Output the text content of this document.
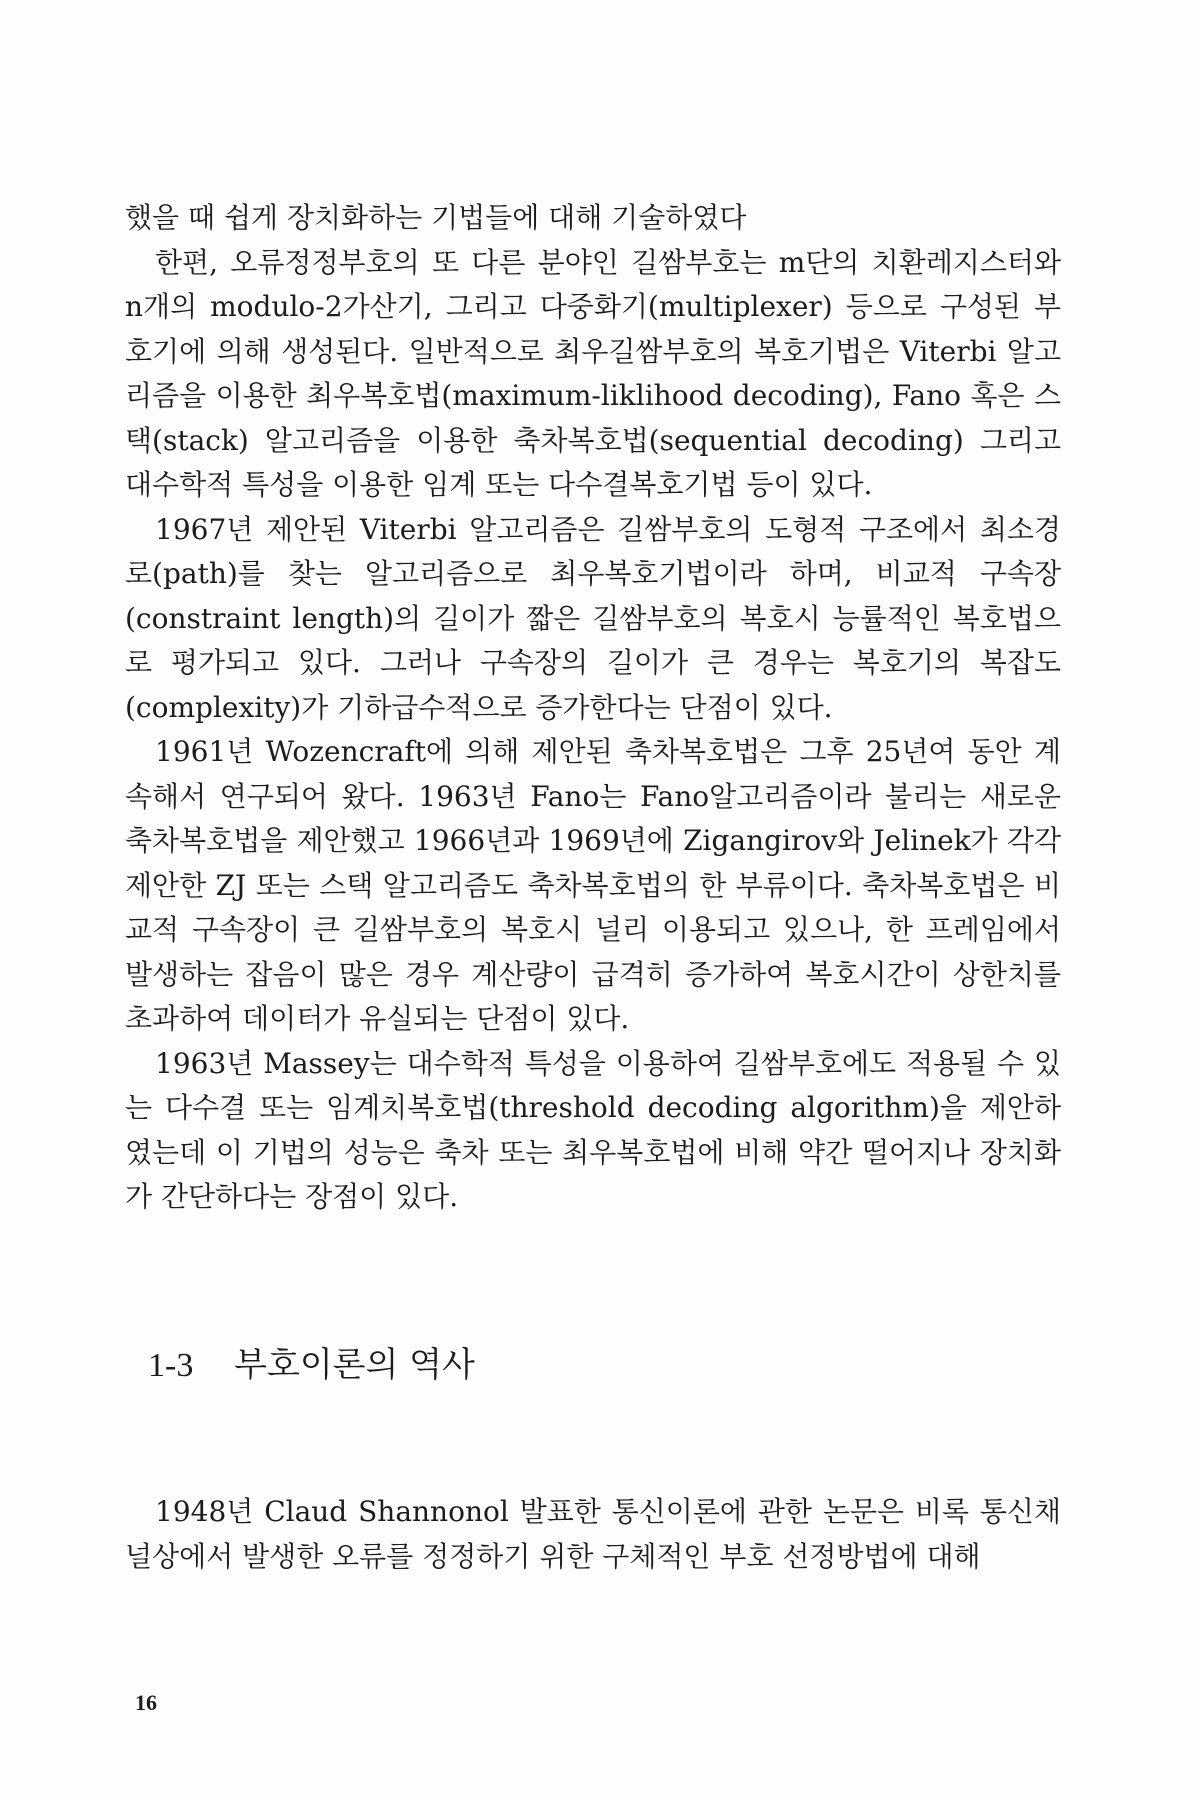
했을 때 쉽게 장치화하는 기법들에 대해 기술하였다

한편, 오류정정부호의 또 다른 분야인 길쌈부호는 m단의 치환레지스터와 n개의 modulo-2가산기, 그리고 다중화기(multiplexer) 등으로 구성된 부호기에 의해 생성된다. 일반적으로 최우길쌈부호의 복호기법은 Viterbi 알고리즘을 이용한 최우복호법(maximum-liklihood decoding), Fano 혹은 스택(stack) 알고리즘을 이용한 축차복호법(sequential decoding) 그리고 대수학적 특성을 이용한 임계 또는 다수결복호기법 등이 있다.

1967년 제안된 Viterbi 알고리즘은 길쌈부호의 도형적 구조에서 최소경로(path)를 찾는 알고리즘으로 최우복호기법이라 하며, 비교적 구속장(constraint length)의 길이가 짧은 길쌈부호의 복호시 능률적인 복호법으로 평가되고 있다. 그러나 구속장의 길이가 큰 경우는 복호기의 복잡도(complexity)가 기하급수적으로 증가한다는 단점이 있다.

1961년 Wozencraft에 의해 제안된 축차복호법은 그후 25년여 동안 계속해서 연구되어 왔다. 1963년 Fano는 Fano알고리즘이라 불리는 새로운 축차복호법을 제안했고 1966년과 1969년에 Zigangirov와 Jelinek가 각각 제안한 ZJ 또는 스택 알고리즘도 축차복호법의 한 부류이다. 축차복호법은 비교적 구속장이 큰 길쌈부호의 복호시 널리 이용되고 있으나, 한 프레임에서 발생하는 잡음이 많은 경우 계산량이 급격히 증가하여 복호시간이 상한치를 초과하여 데이터가 유실되는 단점이 있다.

1963년 Massey는 대수학적 특성을 이용하여 길쌈부호에도 적용될 수 있는 다수결 또는 임계치복호법(threshold decoding algorithm)을 제안하였는데 이 기법의 성능은 축차 또는 최우복호법에 비해 약간 떨어지나 장치화가 간단하다는 장점이 있다.

1-3 부호이론의 역사

1948년 Claud Shannonol 발표한 통신이론에 관한 논문은 비록 통신채널상에서 발생한 오류를 정정하기 위한 구체적인 부호 선정방법에 대해

16
